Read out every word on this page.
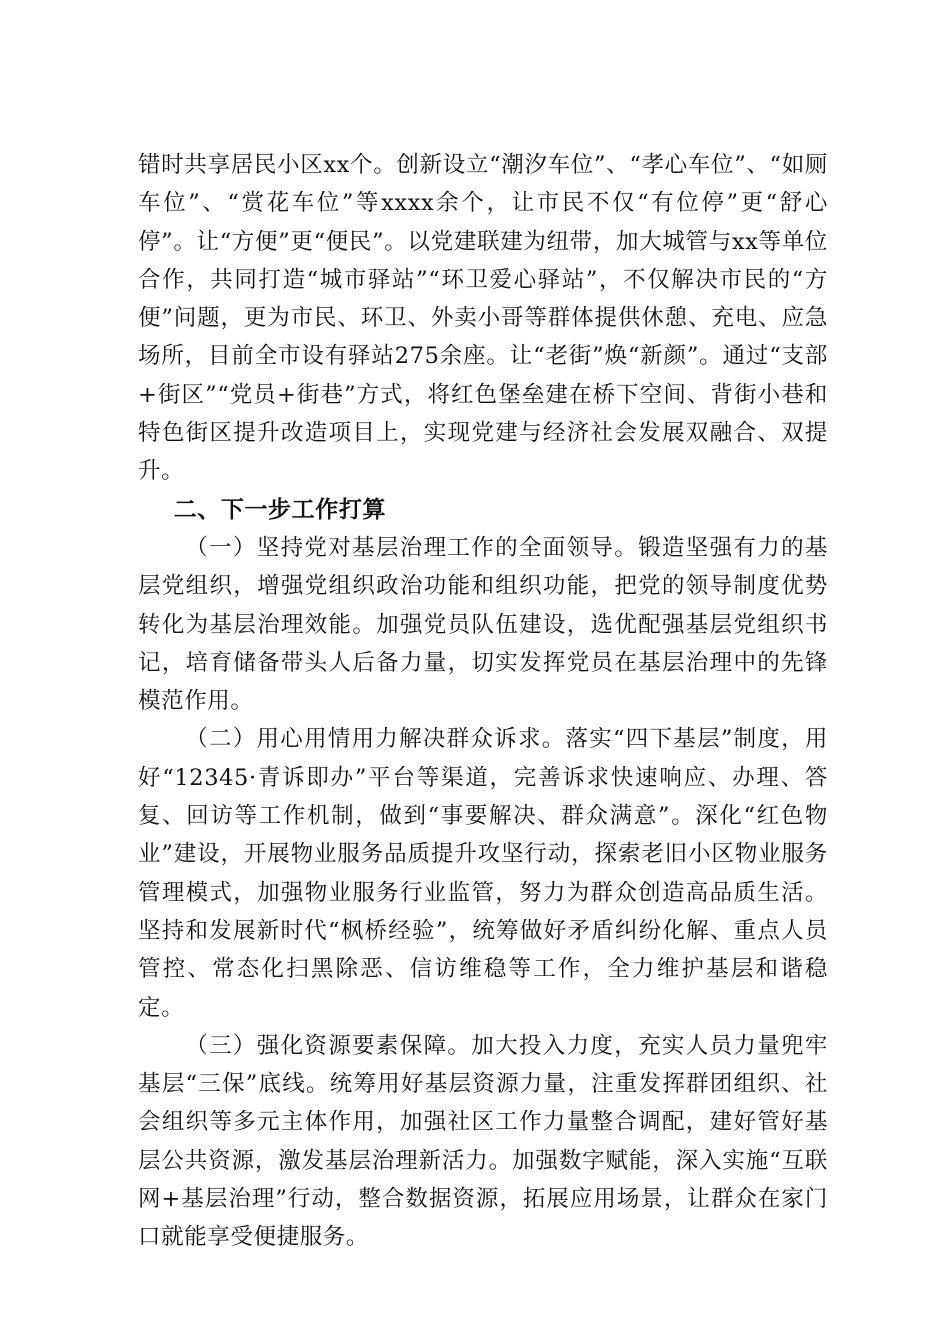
错时共享居民小区xx个。创新设立“潮汐车位”、“孝心车位”、“如厕车位”、“赏花车位”等xxxx余个，让市民不仅“有位停”更“舒心停”。让“方便”更“便民”。以党建联建为纽带，加大城管与xx等单位合作，共同打造“城市驿站”“环卫爱心驿站”，不仅解决市民的“方便”问题，更为市民、环卫、外卖小哥等群体提供休憩、充电、应急场所，目前全市设有驿站275余座。让“老街”焕“新颜”。通过“支部+街区”“党员+街巷”方式，将红色堡垒建在桥下空间、背街小巷和特色街区提升改造项目上，实现党建与经济社会发展双融合、双提升。

二、下一步工作打算

（一）坚持党对基层治理工作的全面领导。锻造坚强有力的基层党组织，增强党组织政治功能和组织功能，把党的领导制度优势转化为基层治理效能。加强党员队伍建设，选优配强基层党组织书记，培育储备带头人后备力量，切实发挥党员在基层治理中的先锋模范作用。

（二）用心用情用力解决群众诉求。落实“四下基层”制度，用好“12345·青诉即办”平台等渠道，完善诉求快速响应、办理、答复、回访等工作机制，做到“事要解决、群众满意”。深化“红色物业”建设，开展物业服务品质提升攻坚行动，探索老旧小区物业服务管理模式，加强物业服务行业监管，努力为群众创造高品质生活。坚持和发展新时代“枫桥经验”，统筹做好矛盾纠纷化解、重点人员管控、常态化扫黑除恶、信访维稳等工作，全力维护基层和谐稳定。

（三）强化资源要素保障。加大投入力度，充实人员力量兜牢基层“三保”底线。统筹用好基层资源力量，注重发挥群团组织、社会组织等多元主体作用，加强社区工作力量整合调配，建好管好基层公共资源，激发基层治理新活力。加强数字赋能，深入实施“互联网+基层治理”行动，整合数据资源，拓展应用场景，让群众在家门口就能享受便捷服务。
